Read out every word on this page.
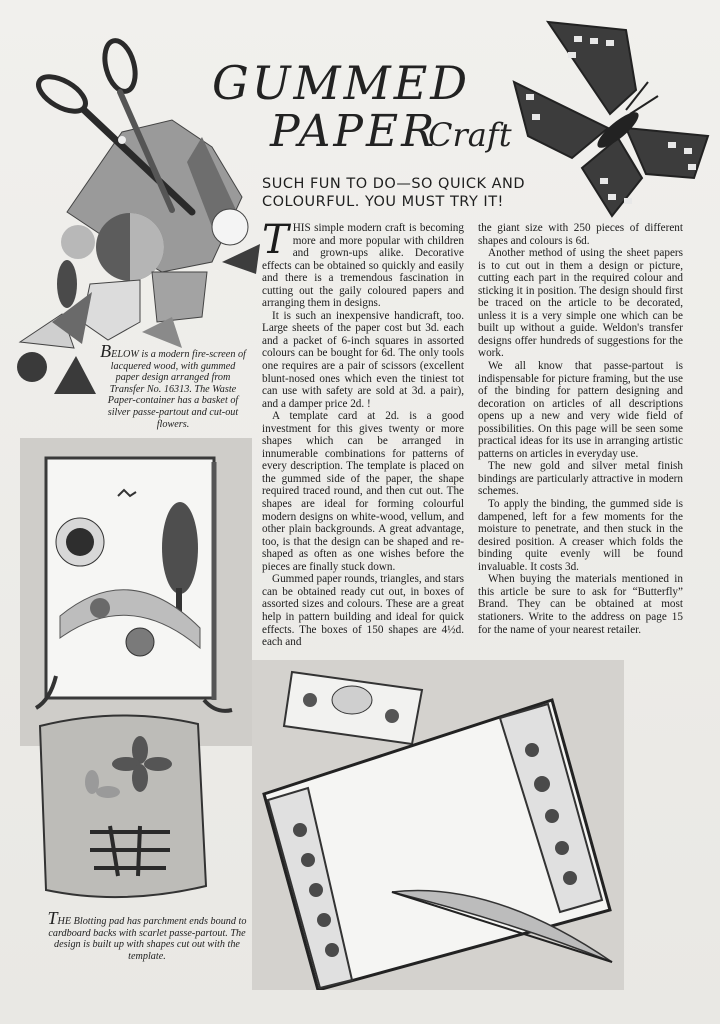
GUMMED
PAPER
Craft

SUCH FUN TO DO—SO QUICK AND COLOURFUL. YOU MUST TRY IT!

BELOW is a modern fire-screen of lacquered wood, with gummed paper design arranged from Transfer No. 16313. The Waste Paper-container has a basket of silver passe-partout and cut-out flowers.

T HIS simple modern craft is becoming more and more popular with children and grown-ups alike. Decorative effects can be obtained so quickly and easily and there is a tremendous fascination in cutting out the gaily coloured papers and arranging them in designs.

It is such an inexpensive handicraft, too. Large sheets of the paper cost but 3d. each and a packet of 6-inch squares in assorted colours can be bought for 6d. The only tools one requires are a pair of scissors (excellent blunt-nosed ones which even the tiniest tot can use with safety are sold at 3d. a pair), and a damper price 2d. !

A template card at 2d. is a good investment for this gives twenty or more shapes which can be arranged in innumerable combinations for patterns of every description. The template is placed on the gummed side of the paper, the shape required traced round, and then cut out. The shapes are ideal for forming colourful modern designs on white-wood, vellum, and other plain backgrounds. A great advantage, too, is that the design can be shaped and re-shaped as often as one wishes before the pieces are finally stuck down.

Gummed paper rounds, triangles, and stars can be obtained ready cut out, in boxes of assorted sizes and colours. These are a great help in pattern building and ideal for quick effects. The boxes of 150 shapes are 4½d. each and

the giant size with 250 pieces of different shapes and colours is 6d.

Another method of using the sheet papers is to cut out in them a design or picture, cutting each part in the required colour and sticking it in position. The design should first be traced on the article to be decorated, unless it is a very simple one which can be built up without a guide. Weldon's transfer designs offer hundreds of suggestions for the work.

We all know that passe-partout is indispensable for picture framing, but the use of the binding for pattern designing and decoration on articles of all descriptions opens up a new and very wide field of possibilities. On this page will be seen some practical ideas for its use in arranging artistic patterns on articles in everyday use.

The new gold and silver metal finish bindings are particularly attractive in modern schemes.

To apply the binding, the gummed side is dampened, left for a few moments for the moisture to penetrate, and then stuck in the desired position. A creaser which folds the binding quite evenly will be found invaluable. It costs 3d.

When buying the materials mentioned in this article be sure to ask for “Butterfly” Brand. They can be obtained at most stationers. Write to the address on page 15 for the name of your nearest retailer.

THE Blotting pad has parchment ends bound to cardboard backs with scarlet passe-partout. The design is built up with shapes cut out with the template.
